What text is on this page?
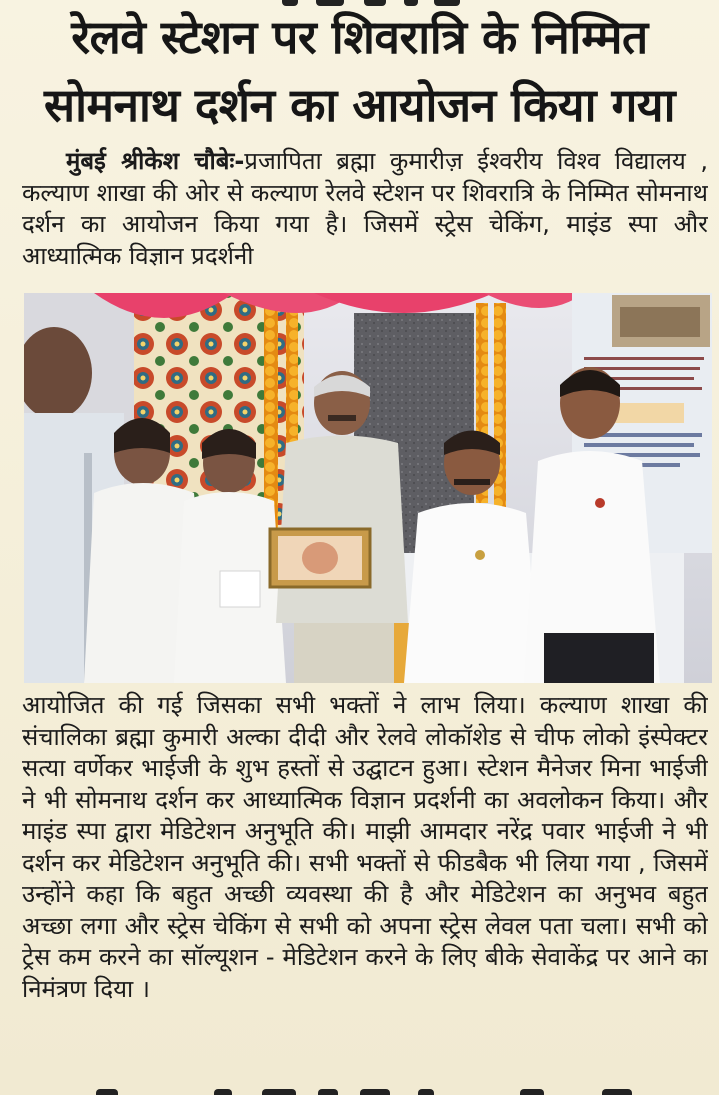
रेलवे स्टेशन पर शिवरात्रि के निम्मित
सोमनाथ दर्शन का आयोजन किया गया
मुंबई श्रीकेश चौबेः-प्रजापिता ब्रह्मा कुमारीज़ ईश्वरीय विश्व विद्यालय , कल्याण शाखा की ओर से कल्याण रेलवे स्टेशन पर शिवरात्रि के निम्मित सोमनाथ दर्शन का आयोजन किया गया है। जिसमें स्ट्रेस चेकिंग, माइंड स्पा और आध्यात्मिक विज्ञान प्रदर्शनी
आयोजित की गई जिसका सभी भक्तों ने लाभ लिया। कल्याण शाखा की संचालिका ब्रह्मा कुमारी अल्का दीदी और रेलवे लोकॉशेड से चीफ लोको इंस्पेक्टर सत्या वर्णेकर भाईजी के शुभ हस्तों से उद्घाटन हुआ। स्टेशन मैनेजर मिना भाईजी ने भी सोमनाथ दर्शन कर आध्यात्मिक विज्ञान प्रदर्शनी का अवलोकन किया। और माइंड स्पा द्वारा मेडिटेशन अनुभूति की। माझी आमदार नरेंद्र पवार भाईजी ने भी दर्शन कर मेडिटेशन अनुभूति की। सभी भक्तों से फीडबैक भी लिया गया , जिसमें उन्होंने कहा कि बहुत अच्छी व्यवस्था की है और मेडिटेशन का अनुभव बहुत अच्छा लगा और स्ट्रेस चेकिंग से सभी को अपना स्ट्रेस लेवल पता चला। सभी को ट्रेस कम करने का सॉल्यूशन - मेडिटेशन करने के लिए बीके सेवाकेंद्र पर आने का निमंत्रण दिया ।
